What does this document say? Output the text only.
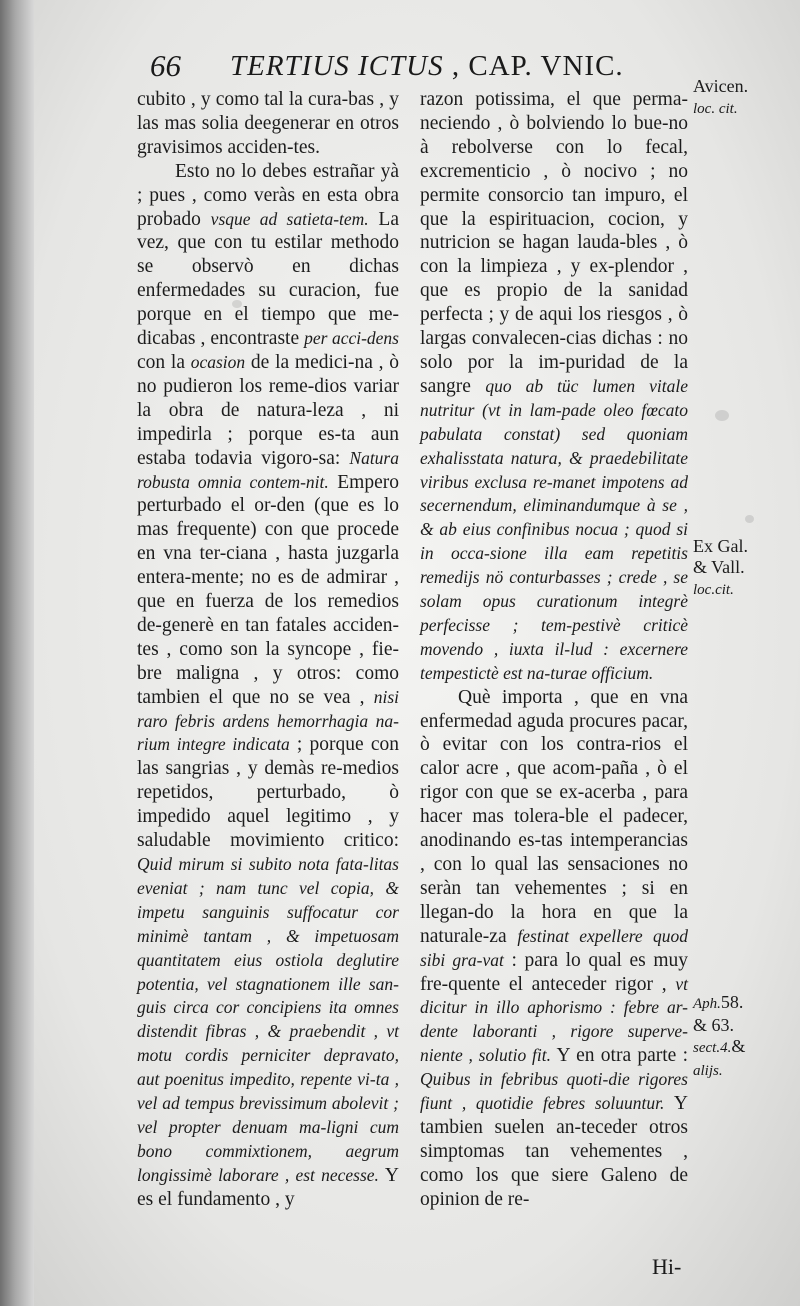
66 TERTIUS ICTUS , CAP. VNIC.

cubito , y como tal la cura-bas , y las mas solia deegenerar en otros gravisimos acciden-tes.

Esto no lo debes estrañar yà ; pues , como veràs en esta obra probado vsque ad satieta-tem. La vez, que con tu estilar methodo se observò en dichas enfermedades su curacion, fue porque en el tiempo que me-dicabas , encontraste per acci-dens con la ocasion de la medici-na , ò no pudieron los reme-dios variar la obra de natura-leza , ni impedirla ; porque es-ta aun estaba todavia vigoro-sa: Natura robusta omnia contem-nit. Empero perturbado el or-den (que es lo mas frequente) con que procede en vna ter-ciana , hasta juzgarla entera-mente; no es de admirar , que en fuerza de los remedios de-generè en tan fatales acciden-tes , como son la syncope , fie-bre maligna , y otros: como tambien el que no se vea , nisi raro febris ardens hemorrhagia na-rium integre indicata ; porque con las sangrias , y demàs re-medios repetidos, perturbado, ò impedido aquel legitimo , y saludable movimiento critico: Quid mirum si subito nota fata-litas eveniat ; nam tunc vel copia, & impetu sanguinis suffocatur cor minimè tantam , & impetuosam quantitatem eius ostiola deglutire potentia, vel stagnationem ille san-guis circa cor concipiens ita omnes distendit fibras , & praebendit , vt motu cordis perniciter depravato, aut poenitus impedito, repente vi-ta , vel ad tempus brevissimum abolevit ; vel propter denuam ma-ligni cum bono commixtionem, aegrum longissimè laborare , est necesse. Y es el fundamento , y

razon potissima, el que perma-neciendo , ò bolviendo lo bue-no à rebolverse con lo fecal, excrementicio , ò nocivo ; no permite consorcio tan impuro, el que la espirituacion, cocion, y nutricion se hagan lauda-bles , ò con la limpieza , y ex-plendor , que es propio de la sanidad perfecta ; y de aqui los riesgos , ò largas convalecen-cias dichas : no solo por la im-puridad de la sangre quo ab tüc lumen vitale nutritur (vt in lam-pade oleo fœcato pabulata constat) sed quoniam exhalisstata natura, & praedebilitate viribus exclusa re-manet impotens ad secernendum, eliminandumque à se , & ab eius confinibus nocua ; quod si in occa-sione illa eam repetitis remedijs nö conturbasses ; crede , se solam opus curationum integrè perfecisse ; tem-pestivè criticè movendo , iuxta il-lud : excernere tempestictè est na-turae officium.

Què importa , que en vna enfermedad aguda procures pacar, ò evitar con los contra-rios el calor acre , que acom-paña , ò el rigor con que se ex-acerba , para hacer mas tolera-ble el padecer, anodinando es-tas intemperancias , con lo qual las sensaciones no seràn tan vehementes ; si en llegan-do la hora en que la naturale-za festinat expellere quod sibi gra-vat : para lo qual es muy fre-quente el anteceder rigor , vt dicitur in illo aphorismo : febre ar-dente laboranti , rigore superve-niente , solutio fit. Y en otra parte : Quibus in febribus quoti-die rigores fiunt , quotidie febres soluuntur. Y tambien suelen an-teceder otros simptomas tan vehementes , como los que siere Galeno de opinion de re-

Avicen.
loc. cit.
Ex Gal.
& Vall.
loc.cit.
Aph.58.
& 63.
sect.4.&
alijs.
Hi-
